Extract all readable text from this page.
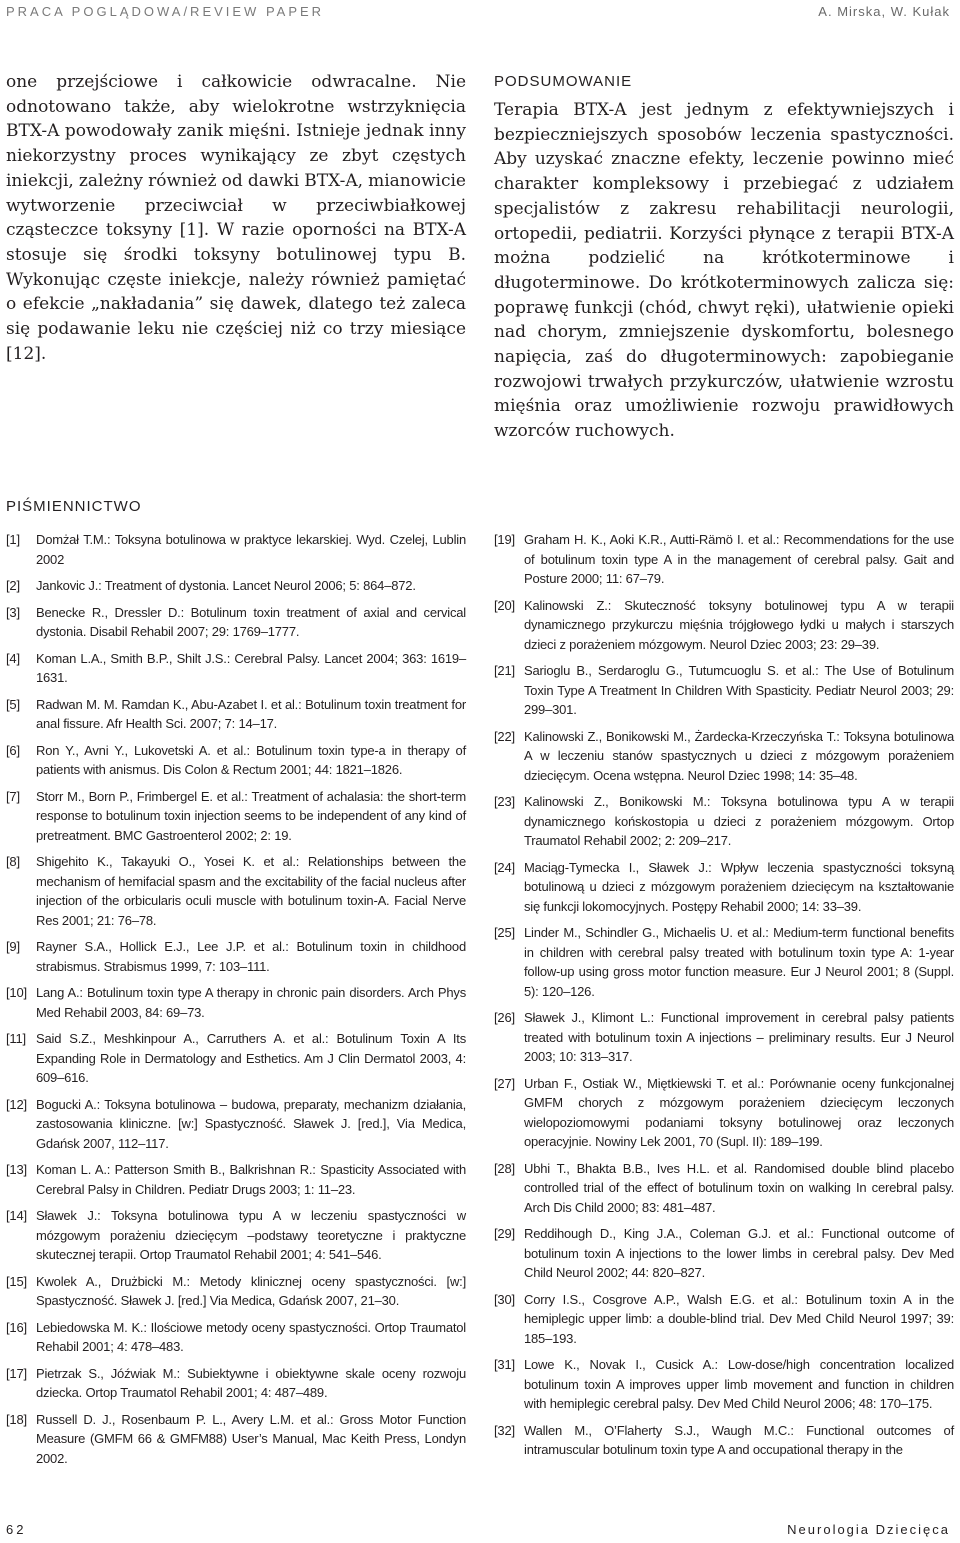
PRACA POGLĄDOWA/REVIEW PAPER	A. Mirska, W. Kułak

one przejściowe i całkowicie odwracalne. Nie odnotowano także, aby wielokrotne wstrzyknięcia BTX-A powodowały zanik mięśni. Istnieje jednak inny niekorzystny proces wynikający ze zbyt częstych iniekcji, zależny również od dawki BTX-A, mianowicie wytworzenie przeciwciał w przeciwbiałkowej cząsteczce toksyny [1]. W razie oporności na BTX-A stosuje się środki toksyny botulinowej typu B. Wykonując częste iniekcje, należy również pamiętać o efekcie „nakładania” się dawek, dlatego też zaleca się podawanie leku nie częściej niż co trzy miesiące [12].

PODSUMOWANIE

Terapia BTX-A jest jednym z efektywniejszych i bezpieczniejszych sposobów leczenia spastyczności. Aby uzyskać znaczne efekty, leczenie powinno mieć charakter kompleksowy i przebiegać z udziałem specjalistów z zakresu rehabilitacji neurologii, ortopedii, pediatrii. Korzyści płynące z terapii BTX-A można podzielić na krótkoterminowe i długoterminowe. Do krótkoterminowych zalicza się: poprawę funkcji (chód, chwyt ręki), ułatwienie opieki nad chorym, zmniejszenie dyskomfortu, bolesnego napięcia, zaś do długoterminowych: zapobieganie rozwojowi trwałych przykurczów, ułatwienie wzrostu mięśnia oraz umożliwienie rozwoju prawidłowych wzorców ruchowych.

PIŚMIENNICTWO
[1]	Domżał T.M.: Toksyna botulinowa w praktyce lekarskiej. Wyd. Czelej, Lublin 2002
[2]	Jankovic J.: Treatment of dystonia. Lancet Neurol 2006; 5: 864–872.
[3]	Benecke R., Dressler D.: Botulinum toxin treatment of axial and cervical dystonia. Disabil Rehabil 2007; 29: 1769–1777.
[4]	Koman L.A., Smith B.P., Shilt J.S.: Cerebral Palsy. Lancet 2004; 363: 1619–1631.
[5]	Radwan M. M. Ramdan K., Abu-Azabet I. et al.: Botulinum toxin treatment for anal fissure. Afr Health Sci. 2007; 7: 14–17.
[6]	Ron Y., Avni Y., Lukovetski A. et al.: Botulinum toxin type-a in therapy of patients with anismus. Dis Colon & Rectum 2001; 44: 1821–1826.
[7]	Storr M., Born P., Frimbergel E. et al.: Treatment of achalasia: the short-term response to botulinum toxin injection seems to be independent of any kind of pretreatment. BMC Gastroenterol 2002; 2: 19.
[8]	Shigehito K., Takayuki O., Yosei K. et al.: Relationships between the mechanism of hemifacial spasm and the excitability of the facial nucleus after injection of the orbicularis oculi muscle with botulinum toxin-A. Facial Nerve Res 2001; 21: 76–78.
[9]	Rayner S.A., Hollick E.J., Lee J.P. et al.: Botulinum toxin in childhood strabismus. Strabismus 1999, 7: 103–111.
[10] Lang A.: Botulinum toxin type A therapy in chronic pain disorders. Arch Phys Med Rehabil 2003, 84: 69–73.
[11] Said S.Z., Meshkinpour A., Carruthers A. et al.: Botulinum Toxin A Its Expanding Role in Dermatology and Esthetics. Am J Clin Dermatol 2003, 4: 609–616.
[12] Bogucki A.: Toksyna botulinowa – budowa, preparaty, mechanizm działania, zastosowania kliniczne. [w:] Spastyczność. Sławek J. [red.], Via Medica, Gdańsk 2007, 112–117.
[13] Koman L. A.: Patterson Smith B., Balkrishnan R.: Spasticity Associated with Cerebral Palsy in Children. Pediatr Drugs 2003; 1: 11–23.
[14] Sławek J.: Toksyna botulinowa typu A w leczeniu spastyczności w mózgowym porażeniu dziecięcym –podstawy teoretyczne i praktyczne skutecznej terapii. Ortop Traumatol Rehabil 2001; 4: 541–546.
[15] Kwolek A., Drużbicki M.: Metody klinicznej oceny spastyczności. [w:] Spastyczność. Sławek J. [red.] Via Medica, Gdańsk 2007, 21–30.
[16] Lebiedowska M. K.: Ilościowe metody oceny spastyczności. Ortop Traumatol Rehabil 2001; 4: 478–483.
[17] Pietrzak S., Jóźwiak M.: Subiektywne i obiektywne skale oceny rozwoju dziecka. Ortop Traumatol Rehabil 2001; 4: 487–489.
[18] Russell D. J., Rosenbaum P. L., Avery L.M. et al.: Gross Motor Function Measure (GMFM 66 & GMFM88) User’s Manual, Mac Keith Press, Londyn 2002.
[19] Graham H. K., Aoki K.R., Autti-Rämö I. et al.: Recommendations for the use of botulinum toxin type A in the management of cerebral palsy. Gait and Posture 2000; 11: 67–79.
[20] Kalinowski Z.: Skuteczność toksyny botulinowej typu A w terapii dynamicznego przykurczu mięśnia trójgłowego łydki u małych i starszych dzieci z porażeniem mózgowym. Neurol Dziec 2003; 23: 29–39.
[21] Sarioglu B., Serdaroglu G., Tutumcuoglu S. et al.: The Use of Botulinum Toxin Type A Treatment In Children With Spasticity. Pediatr Neurol 2003; 29: 299–301.
[22] Kalinowski Z., Bonikowski M., Żardecka-Krzeczyńska T.: Toksyna botulinowa A w leczeniu stanów spastycznych u dzieci z mózgowym porażeniem dziecięcym. Ocena wstępna. Neurol Dziec 1998; 14: 35–48.
[23] Kalinowski Z., Bonikowski M.: Toksyna botulinowa typu A w terapii dynamicznego końskostopia u dzieci z porażeniem mózgowym. Ortop Traumatol Rehabil 2002; 2: 209–217.
[24] Maciąg-Tymecka I., Sławek J.: Wpływ leczenia spastyczności toksyną botulinową u dzieci z mózgowym porażeniem dziecięcym na kształtowanie się funkcji lokomocyjnych. Postępy Rehabil 2000; 14: 33–39.
[25] Linder M., Schindler G., Michaelis U. et al.: Medium-term functional benefits in children with cerebral palsy treated with botulinum toxin type A: 1-year follow-up using gross motor function measure. Eur J Neurol 2001; 8 (Suppl. 5): 120–126.
[26] Sławek J., Klimont L.: Functional improvement in cerebral palsy patients treated with botulinum toxin A injections – preliminary results. Eur J Neurol 2003; 10: 313–317.
[27] Urban F., Ostiak W., Miętkiewski T. et al.: Porównanie oceny funkcjonalnej GMFM chorych z mózgowym porażeniem dziecięcym leczonych wielopoziomowymi podaniami toksyny botulinowej oraz leczonych operacyjnie. Nowiny Lek 2001, 70 (Supl. II): 189–199.
[28] Ubhi T., Bhakta B.B., Ives H.L. et al. Randomised double blind placebo controlled trial of the effect of botulinum toxin on walking In cerebral palsy. Arch Dis Child 2000; 83: 481–487.
[29] Reddihough D., King J.A., Coleman G.J. et al.: Functional outcome of botulinum toxin A injections to the lower limbs in cerebral palsy. Dev Med Child Neurol 2002; 44: 820–827.
[30] Corry I.S., Cosgrove A.P., Walsh E.G. et al.: Botulinum toxin A in the hemiplegic upper limb: a double-blind trial. Dev Med Child Neurol 1997; 39: 185–193.
[31] Lowe K., Novak I., Cusick A.: Low-dose/high concentration localized botulinum toxin A improves upper limb movement and function in children with hemiplegic cerebral palsy. Dev Med Child Neurol 2006; 48: 170–175.
[32] Wallen M., O’Flaherty S.J., Waugh M.C.: Functional outcomes of intramuscular botulinum toxin type A and occupational therapy in the
62	Neurologia Dziecięca
